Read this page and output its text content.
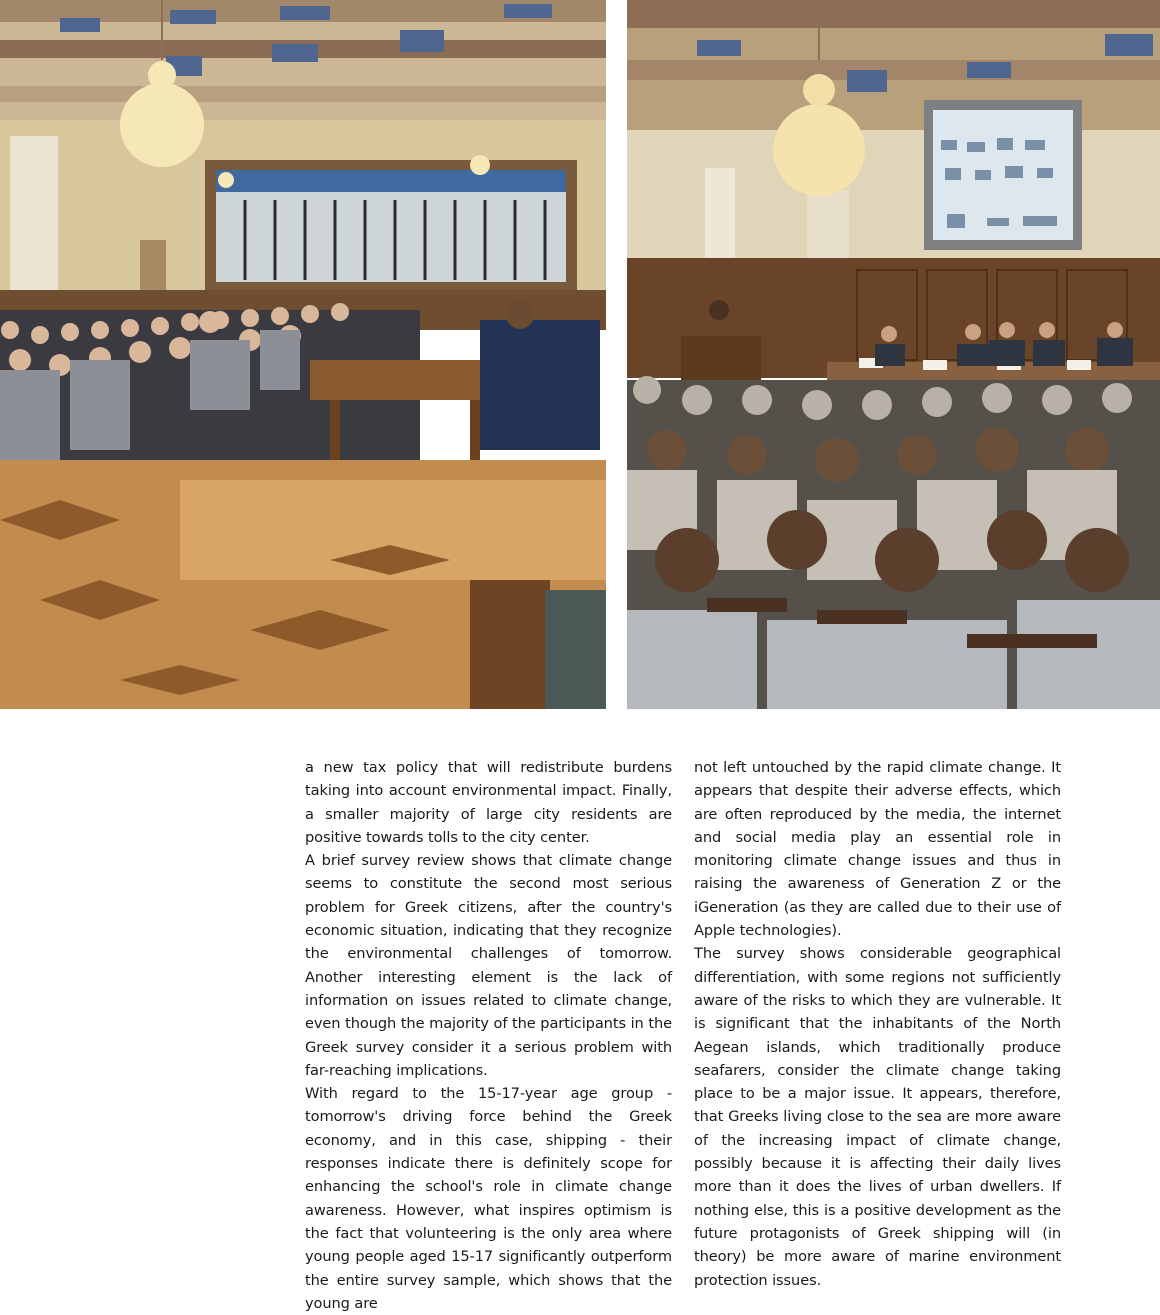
a new tax policy that will redistribute burdens taking into account environmental impact. Finally, a smaller majority of large city residents are positive towards tolls to the city center.

A brief survey review shows that climate change seems to constitute the second most serious problem for Greek citizens, after the country's economic situation, indicating that they recognize the environmental challenges of tomorrow. Another interesting element is the lack of information on issues related to climate change, even though the majority of the participants in the Greek survey consider it a serious problem with far-reaching implications.

With regard to the 15-17-year age group - tomorrow's driving force behind the Greek economy, and in this case, shipping - their responses indicate there is definitely scope for enhancing the school's role in climate change awareness. However, what inspires optimism is the fact that volunteering is the only area where young people aged 15-17 significantly outperform the entire survey sample, which shows that the young are

not left untouched by the rapid climate change. It appears that despite their adverse effects, which are often reproduced by the media, the internet and social media play an essential role in monitoring climate change issues and thus in raising the awareness of Generation Z or the iGeneration (as they are called due to their use of Apple technologies).

The survey shows considerable geographical differentiation, with some regions not sufficiently aware of the risks to which they are vulnerable. It is significant that the inhabitants of the North Aegean islands, which traditionally produce seafarers, consider the climate change taking place to be a major issue. It appears, therefore, that Greeks living close to the sea are more aware of the increasing impact of climate change, possibly because it is affecting their daily lives more than it does the lives of urban dwellers. If nothing else, this is a positive development as the future protagonists of Greek shipping will (in theory) be more aware of marine environment protection issues.
